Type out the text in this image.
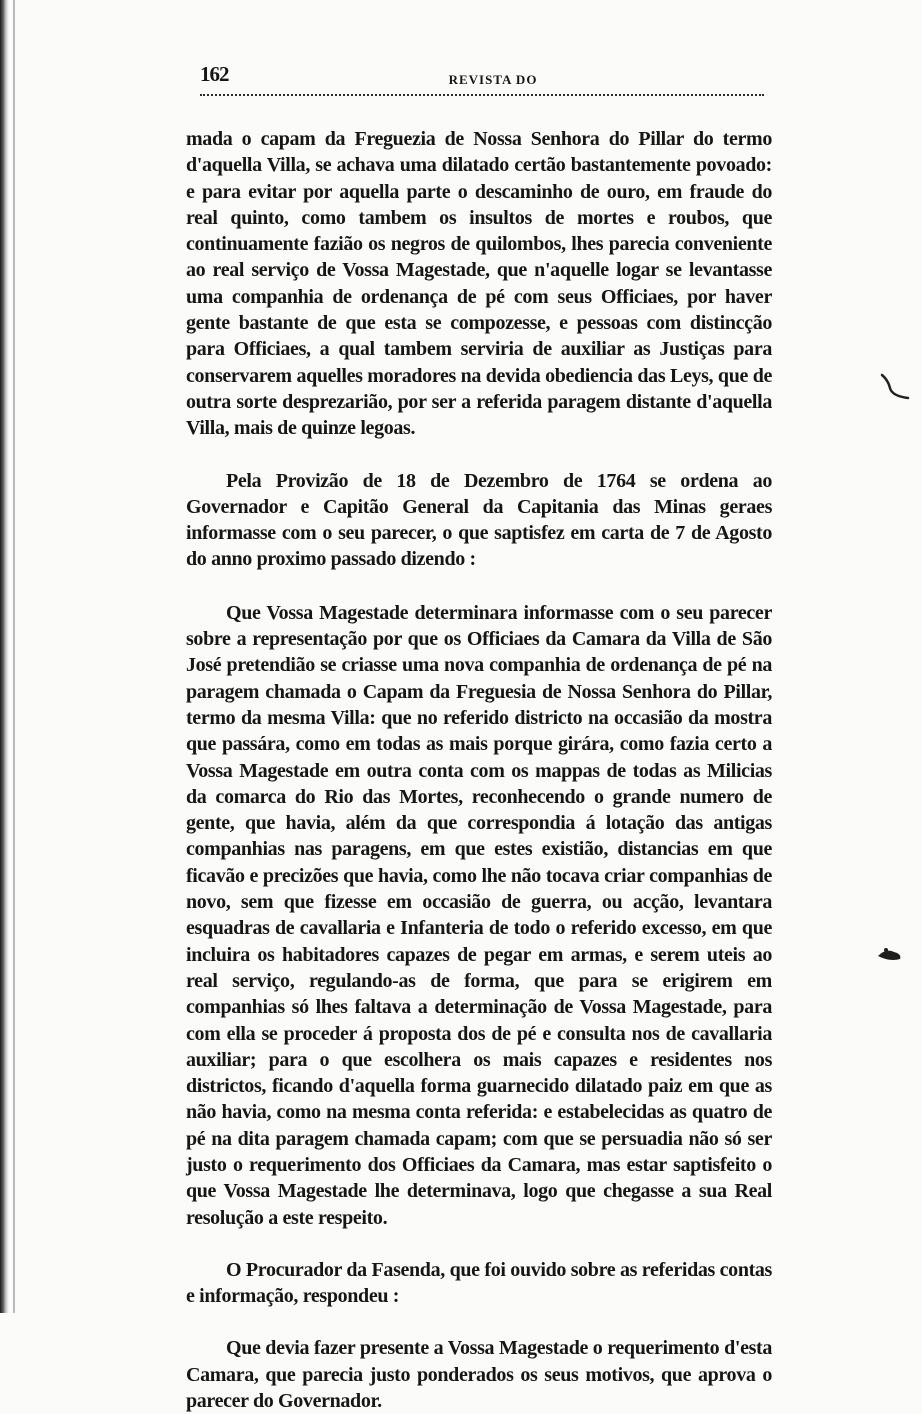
162	REVISTA DO

mada o capam da Freguezia de Nossa Senhora do Pillar do termo d'aquella Villa, se achava uma dilatado certão bastantemente povoado: e para evitar por aquella parte o descaminho de ouro, em fraude do real quinto, como tambem os insultos de mortes e roubos, que continuamente fazião os negros de quilombos, lhes parecia conveniente ao real serviço de Vossa Magestade, que n'aquelle logar se levantasse uma companhia de ordenança de pé com seus Officiaes, por haver gente bastante de que esta se compozesse, e pessoas com distincção para Officiaes, a qual tambem serviria de auxiliar as Justiças para conservarem aquelles moradores na devida obediencia das Leys, que de outra sorte desprezarião, por ser a referida paragem distante d'aquella Villa, mais de quinze legoas.

Pela Provizão de 18 de Dezembro de 1764 se ordena ao Governador e Capitão General da Capitania das Minas geraes informasse com o seu parecer, o que saptisfez em carta de 7 de Agosto do anno proximo passado dizendo :

Que Vossa Magestade determinara informasse com o seu parecer sobre a representação por que os Officiaes da Camara da Villa de São José pretendião se criasse uma nova companhia de ordenança de pé na paragem chamada o Capam da Freguesia de Nossa Senhora do Pillar, termo da mesma Villa: que no referido districto na occasião da mostra que passára, como em todas as mais porque girára, como fazia certo a Vossa Magestade em outra conta com os mappas de todas as Milicias da comarca do Rio das Mortes, reconhecendo o grande numero de gente, que havia, além da que correspondia á lotação das antigas companhias nas paragens, em que estes existião, distancias em que ficavão e precizões que havia, como lhe não tocava criar companhias de novo, sem que fizesse em occasião de guerra, ou acção, levantara esquadras de cavallaria e Infanteria de todo o referido excesso, em que incluira os habitadores capazes de pegar em armas, e serem uteis ao real serviço, regulando-as de forma, que para se erigirem em companhias só lhes faltava a determinação de Vossa Magestade, para com ella se proceder á proposta dos de pé e consulta nos de cavallaria auxiliar; para o que escolhera os mais capazes e residentes nos districtos, ficando d'aquella forma guarnecido dilatado paiz em que as não havia, como na mesma conta referida: e estabelecidas as quatro de pé na dita paragem chamada capam; com que se persuadia não só ser justo o requerimento dos Officiaes da Camara, mas estar saptisfeito o que Vossa Magestade lhe determinava, logo que chegasse a sua Real resolução a este respeito.

O Procurador da Fasenda, que foi ouvido sobre as referidas contas e informação, respondeu :

Que devia fazer presente a Vossa Magestade o requerimento d'esta Camara, que parecia justo ponderados os seus motivos, que aprova o parecer do Governador.
